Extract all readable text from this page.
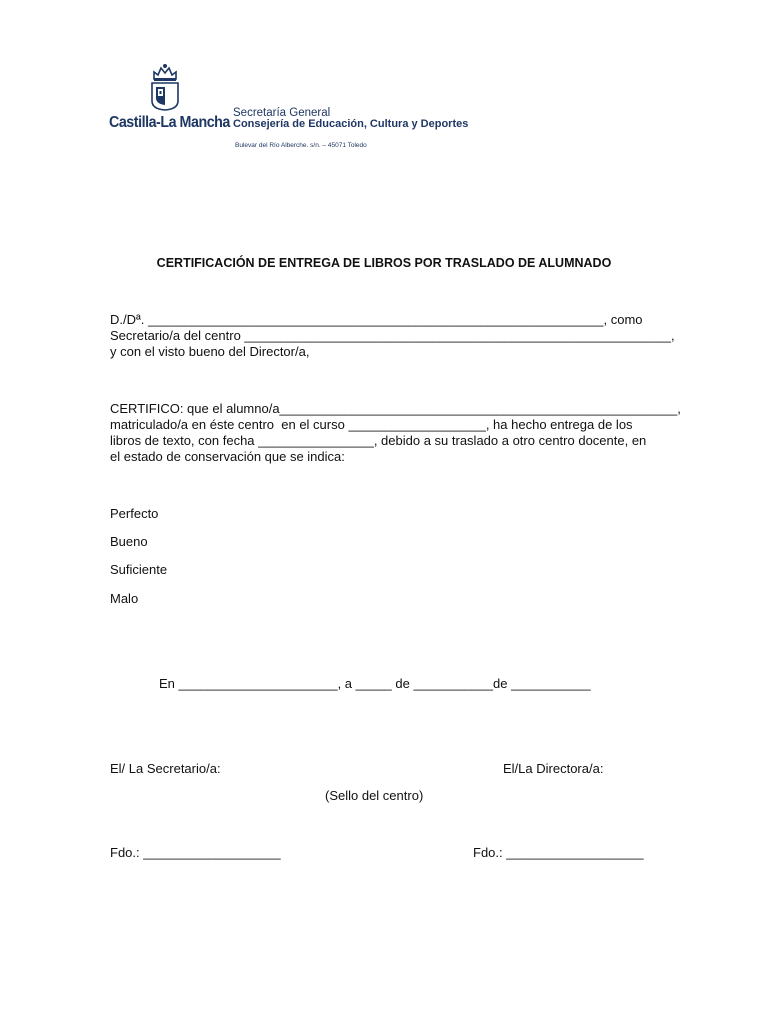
Castilla-La Mancha
Secretaría General
Consejería de Educación, Cultura y Deportes
Bulevar del Río Alberche. s/n. – 45071 Toledo
CERTIFICACIÓN DE ENTREGA DE LIBROS POR TRASLADO DE ALUMNADO
D./Dª. _______________________________________________________________, como
Secretario/a del centro ___________________________________________________________,
y con el visto bueno del Director/a,
CERTIFICO: que el alumno/a_______________________________________________________,
matriculado/a en éste centro  en el curso ___________________, ha hecho entrega de los
libros de texto, con fecha ________________, debido a su traslado a otro centro docente, en
el estado de conservación que se indica:
Perfecto
Bueno
Suficiente
Malo
En ______________________, a _____ de ___________de ___________
El/ La Secretario/a:	El/La Directora/a:
(Sello del centro)
Fdo.: ___________________	Fdo.: ___________________
